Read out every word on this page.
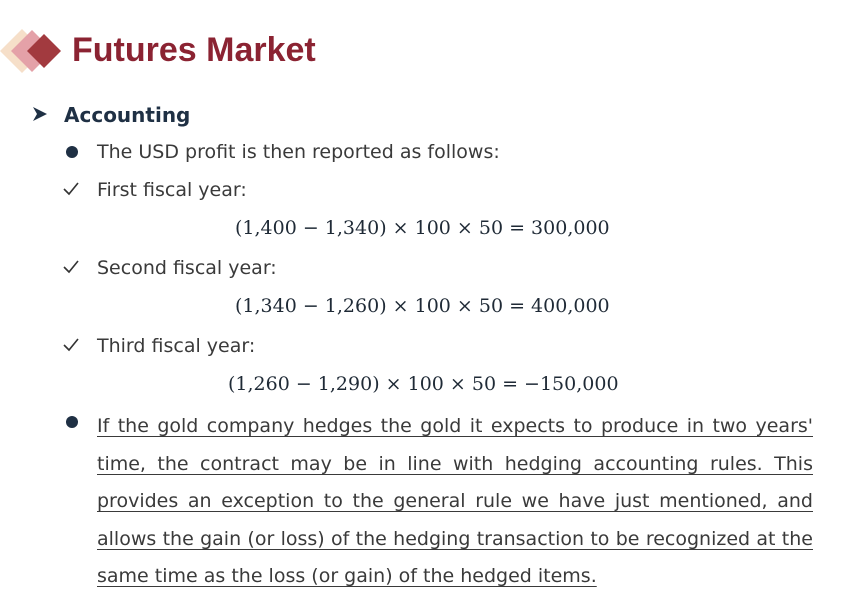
Futures Market
Accounting
The USD profit is then reported as follows:
First fiscal year:
(1,400 − 1,340) × 100 × 50 = 300,000
Second fiscal year:
(1,340 − 1,260) × 100 × 50 = 400,000
Third fiscal year:
(1,260 − 1,290) × 100 × 50 = −150,000
If the gold company hedges the gold it expects to produce in two years' time, the contract may be in line with hedging accounting rules. This provides an exception to the general rule we have just mentioned, and allows the gain (or loss) of the hedging transaction to be recognized at the same time as the loss (or gain) of the hedged items.
